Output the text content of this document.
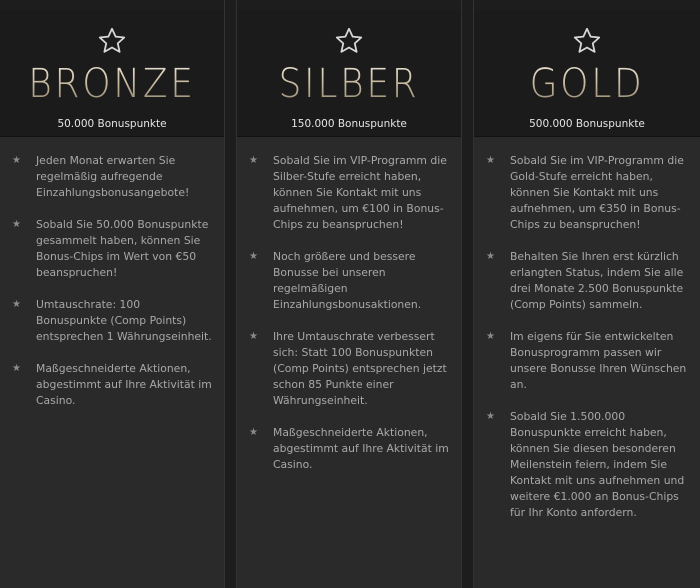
BRONZE
50.000 Bonuspunkte
★ Jeden Monat erwarten Sie regelmäßig aufregende Einzahlungsbonusangebote!
★ Sobald Sie 50.000 Bonuspunkte gesammelt haben, können Sie Bonus-Chips im Wert von €50 beanspruchen!
★ Umtauschrate: 100 Bonuspunkte (Comp Points) entsprechen 1 Währungseinheit.
★ Maßgeschneiderte Aktionen, abgestimmt auf Ihre Aktivität im Casino.
SILBER
150.000 Bonuspunkte
★ Sobald Sie im VIP-Programm die Silber-Stufe erreicht haben, können Sie Kontakt mit uns aufnehmen, um €100 in Bonus-Chips zu beanspruchen!
★ Noch größere und bessere Bonusse bei unseren regelmäßigen Einzahlungsbonusaktionen.
★ Ihre Umtauschrate verbessert sich: Statt 100 Bonuspunkten (Comp Points) entsprechen jetzt schon 85 Punkte einer Währungseinheit.
★ Maßgeschneiderte Aktionen, abgestimmt auf Ihre Aktivität im Casino.
GOLD
500.000 Bonuspunkte
★ Sobald Sie im VIP-Programm die Gold-Stufe erreicht haben, können Sie Kontakt mit uns aufnehmen, um €350 in Bonus-Chips zu beanspruchen!
★ Behalten Sie Ihren erst kürzlich erlangten Status, indem Sie alle drei Monate 2.500 Bonuspunkte (Comp Points) sammeln.
★ Im eigens für Sie entwickelten Bonusprogramm passen wir unsere Bonusse Ihren Wünschen an.
★ Sobald Sie 1.500.000 Bonuspunkte erreicht haben, können Sie diesen besonderen Meilenstein feiern, indem Sie Kontakt mit uns aufnehmen und weitere €1.000 an Bonus-Chips für Ihr Konto anfordern.
